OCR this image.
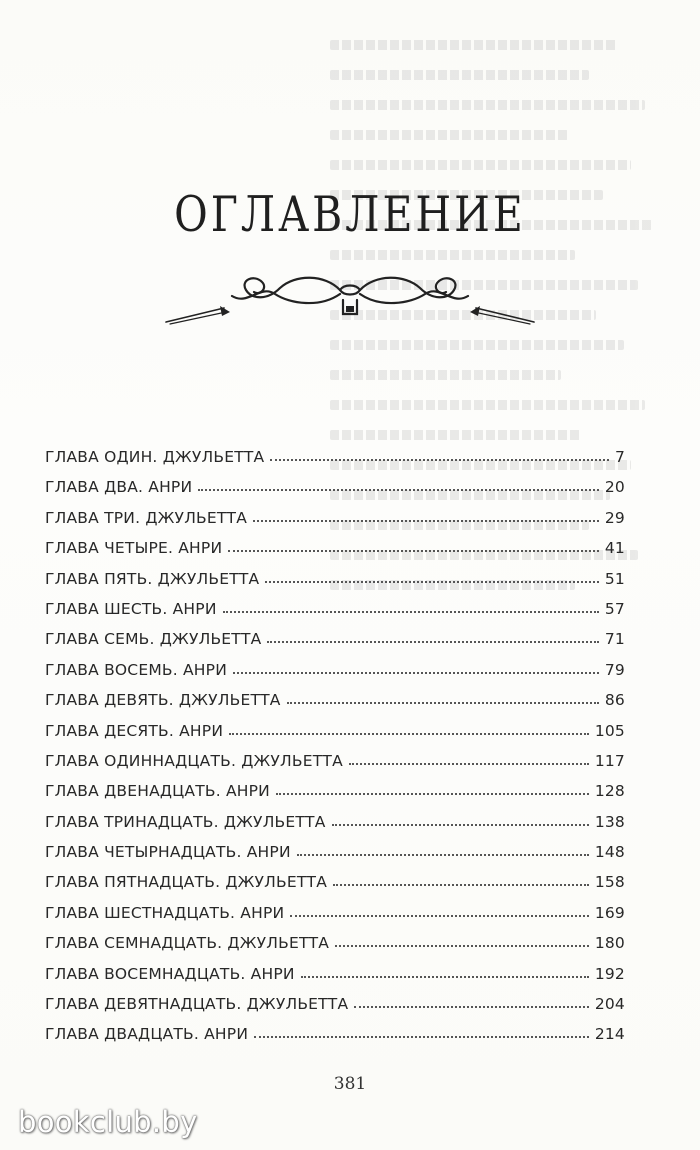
ОГЛАВЛЕНИЕ
ГЛАВА ОДИН. ДЖУЛЬЕТТА	7
ГЛАВА ДВА. АНРИ	20
ГЛАВА ТРИ. ДЖУЛЬЕТТА	29
ГЛАВА ЧЕТЫРЕ. АНРИ	41
ГЛАВА ПЯТЬ. ДЖУЛЬЕТТА	51
ГЛАВА ШЕСТЬ. АНРИ	57
ГЛАВА СЕМЬ. ДЖУЛЬЕТТА	71
ГЛАВА ВОСЕМЬ. АНРИ	79
ГЛАВА ДЕВЯТЬ. ДЖУЛЬЕТТА	86
ГЛАВА ДЕСЯТЬ. АНРИ	105
ГЛАВА ОДИННАДЦАТЬ. ДЖУЛЬЕТТА	117
ГЛАВА ДВЕНАДЦАТЬ. АНРИ	128
ГЛАВА ТРИНАДЦАТЬ. ДЖУЛЬЕТТА	138
ГЛАВА ЧЕТЫРНАДЦАТЬ. АНРИ	148
ГЛАВА ПЯТНАДЦАТЬ. ДЖУЛЬЕТТА	158
ГЛАВА ШЕСТНАДЦАТЬ. АНРИ	169
ГЛАВА СЕМНАДЦАТЬ. ДЖУЛЬЕТТА	180
ГЛАВА ВОСЕМНАДЦАТЬ. АНРИ	192
ГЛАВА ДЕВЯТНАДЦАТЬ. ДЖУЛЬЕТТА	204
ГЛАВА ДВАДЦАТЬ. АНРИ	214
381
bookclub.by
